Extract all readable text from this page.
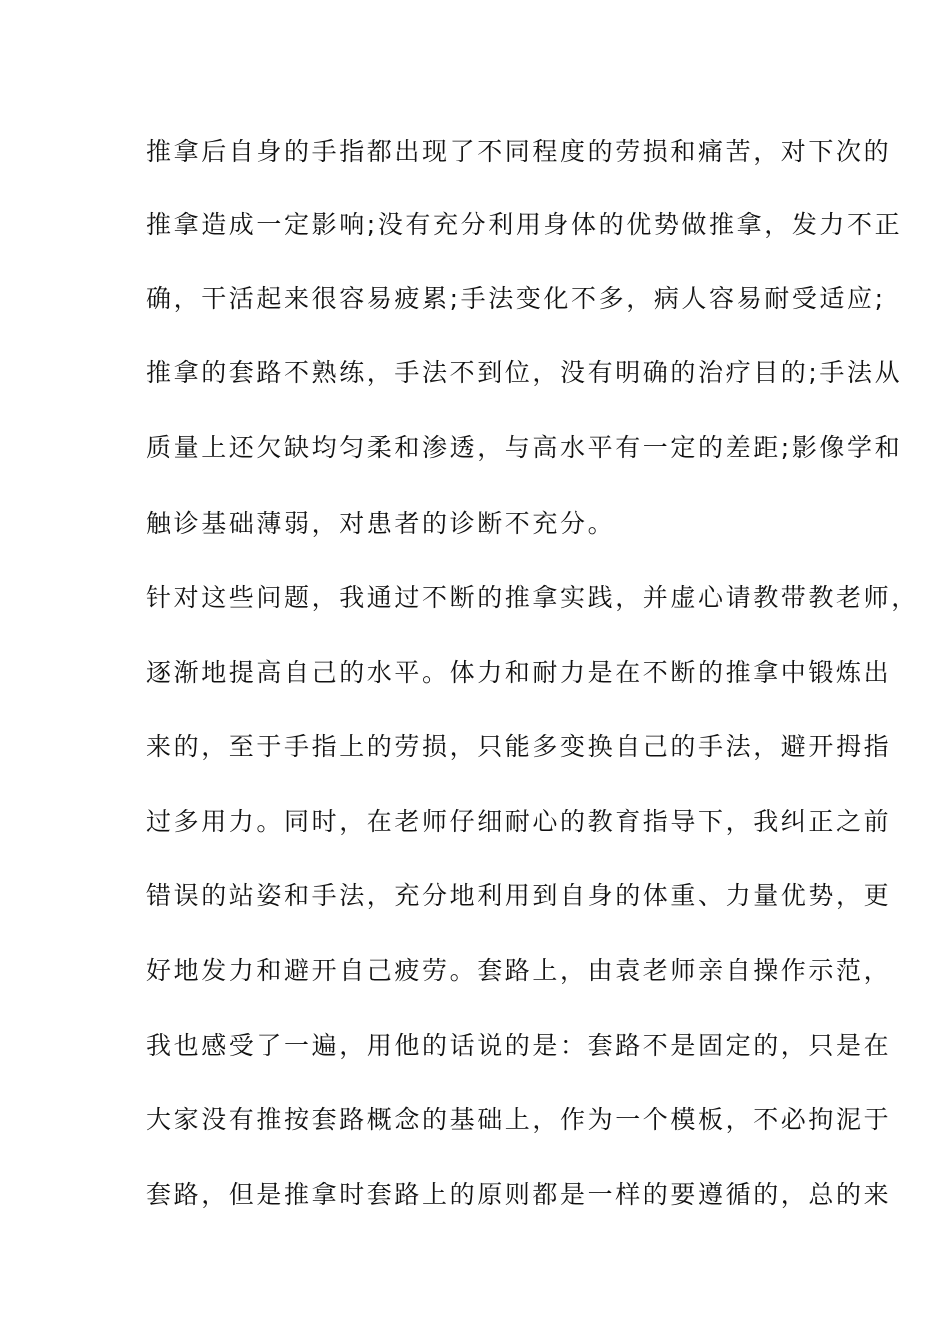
推拿后自身的手指都出现了不同程度的劳损和痛苦，对下次的
推拿造成一定影响;没有充分利用身体的优势做推拿，发力不正
确，干活起来很容易疲累;手法变化不多，病人容易耐受适应;
推拿的套路不熟练，手法不到位，没有明确的治疗目的;手法从
质量上还欠缺均匀柔和渗透，与高水平有一定的差距;影像学和
触诊基础薄弱，对患者的诊断不充分。
针对这些问题，我通过不断的推拿实践，并虚心请教带教老师，
逐渐地提高自己的水平。体力和耐力是在不断的推拿中锻炼出
来的，至于手指上的劳损，只能多变换自己的手法，避开拇指
过多用力。同时，在老师仔细耐心的教育指导下，我纠正之前
错误的站姿和手法，充分地利用到自身的体重、力量优势，更
好地发力和避开自己疲劳。套路上，由袁老师亲自操作示范，
我也感受了一遍，用他的话说的是：套路不是固定的，只是在
大家没有推按套路概念的基础上，作为一个模板，不必拘泥于
套路，但是推拿时套路上的原则都是一样的要遵循的，总的来
